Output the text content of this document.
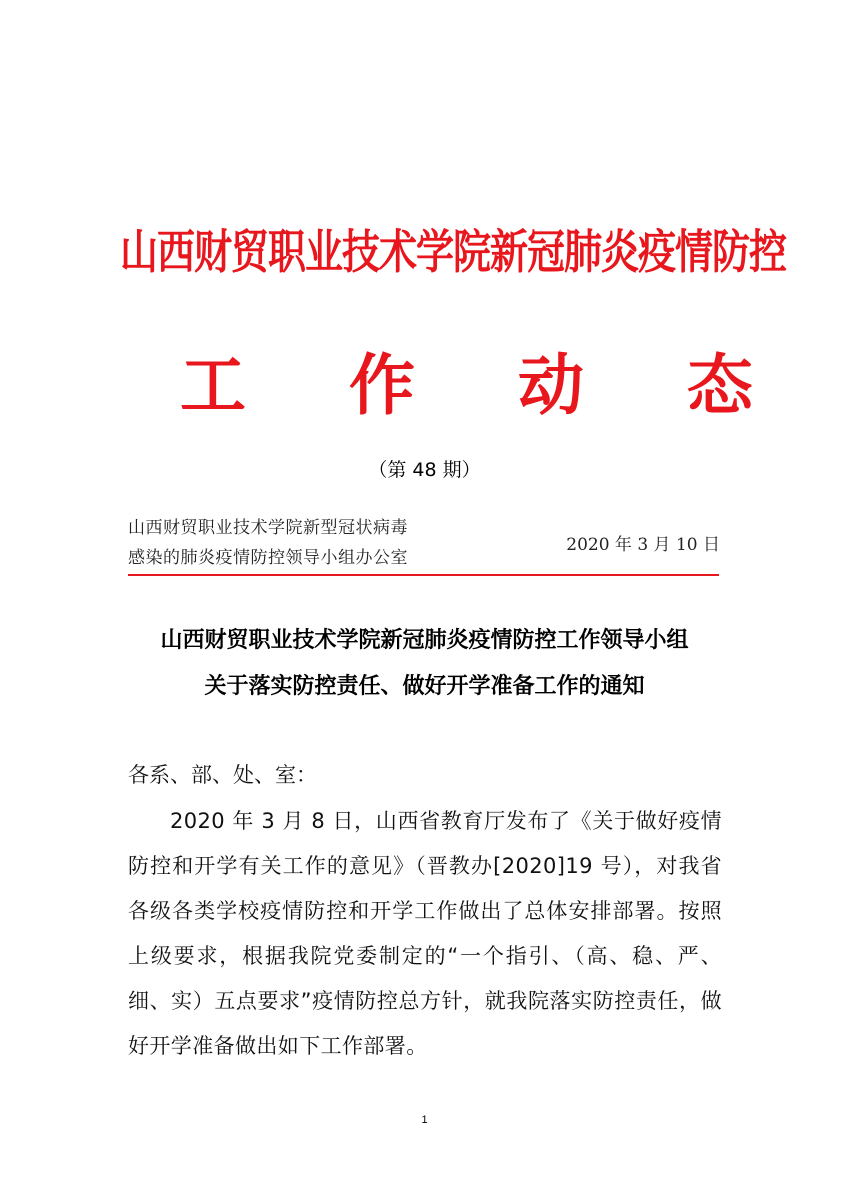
山西财贸职业技术学院新冠肺炎疫情防控
工 作 动 态
（第 48 期）
山西财贸职业技术学院新型冠状病毒
感染的肺炎疫情防控领导小组办公室
2020 年 3 月 10 日
山西财贸职业技术学院新冠肺炎疫情防控工作领导小组
关于落实防控责任、做好开学准备工作的通知
各系、部、处、室：
2020 年 3 月 8 日，山西省教育厅发布了《关于做好疫情防控和开学有关工作的意见》（晋教办[2020]19 号），对我省各级各类学校疫情防控和开学工作做出了总体安排部署。按照上级要求，根据我院党委制定的“一个指引、（高、稳、严、细、实）五点要求”疫情防控总方针，就我院落实防控责任，做好开学准备做出如下工作部署。
1
